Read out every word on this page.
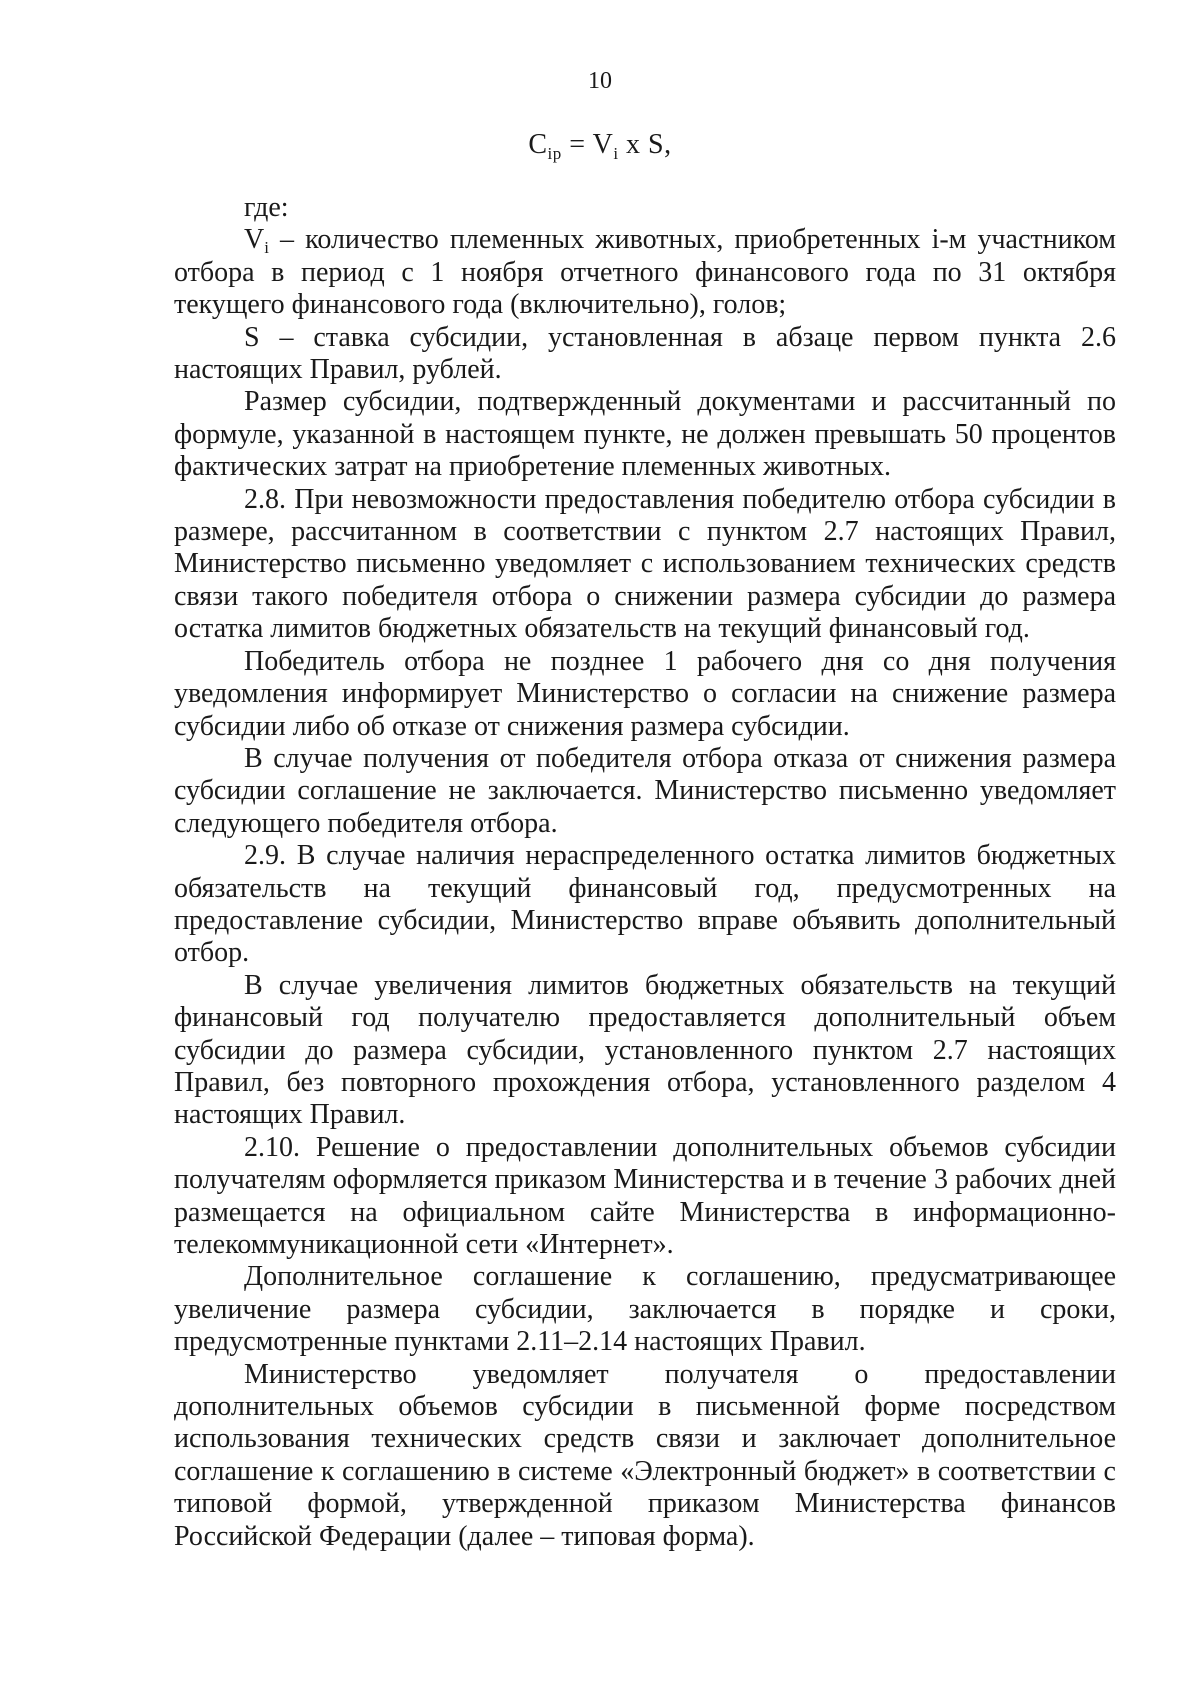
10
$C_{ip} = V_i$ x S,

где:

$V_i$ – количество племенных животных, приобретенных i-м участником отбора в период с 1 ноября отчетного финансового года по 31 октября текущего финансового года (включительно), голов;

S – ставка субсидии, установленная в абзаце первом пункта 2.6 настоящих Правил, рублей.

Размер субсидии, подтвержденный документами и рассчитанный по формуле, указанной в настоящем пункте, не должен превышать 50 процентов фактических затрат на приобретение племенных животных.

2.8. При невозможности предоставления победителю отбора субсидии в размере, рассчитанном в соответствии с пунктом 2.7 настоящих Правил, Министерство письменно уведомляет с использованием технических средств связи такого победителя отбора о снижении размера субсидии до размера остатка лимитов бюджетных обязательств на текущий финансовый год.

Победитель отбора не позднее 1 рабочего дня со дня получения уведомления информирует Министерство о согласии на снижение размера субсидии либо об отказе от снижения размера субсидии.

В случае получения от победителя отбора отказа от снижения размера субсидии соглашение не заключается. Министерство письменно уведомляет следующего победителя отбора.

2.9. В случае наличия нераспределенного остатка лимитов бюджетных обязательств на текущий финансовый год, предусмотренных на предоставление субсидии, Министерство вправе объявить дополнительный отбор.

В случае увеличения лимитов бюджетных обязательств на текущий финансовый год получателю предоставляется дополнительный объем субсидии до размера субсидии, установленного пунктом 2.7 настоящих Правил, без повторного прохождения отбора, установленного разделом 4 настоящих Правил.

2.10. Решение о предоставлении дополнительных объемов субсидии получателям оформляется приказом Министерства и в течение 3 рабочих дней размещается на официальном сайте Министерства в информационно-телекоммуникационной сети «Интернет».

Дополнительное соглашение к соглашению, предусматривающее увеличение размера субсидии, заключается в порядке и сроки, предусмотренные пунктами 2.11–2.14 настоящих Правил.

Министерство уведомляет получателя о предоставлении дополнительных объемов субсидии в письменной форме посредством использования технических средств связи и заключает дополнительное соглашение к соглашению в системе «Электронный бюджет» в соответствии с типовой формой, утвержденной приказом Министерства финансов Российской Федерации (далее – типовая форма).
